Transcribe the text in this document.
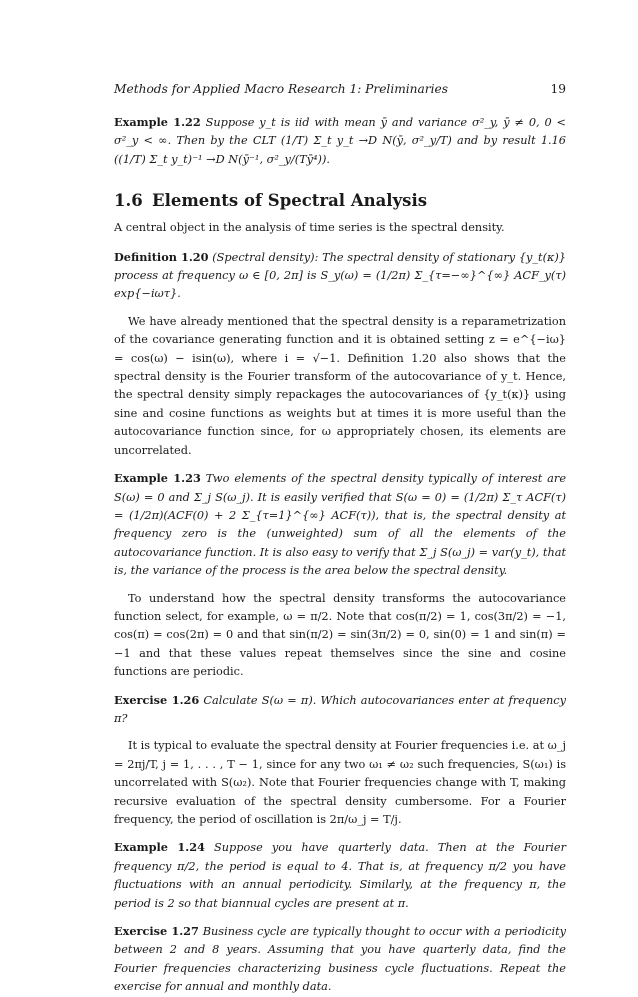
Methods for Applied Macro Research 1: Preliminaries	19

Example 1.22 Suppose y_t is iid with mean ȳ and variance σ²_y, ȳ ≠ 0, 0 < σ²_y < ∞. Then by the CLT (1/T) Σ_t y_t →D N(ȳ, σ²_y/T) and by result 1.16 ((1/T) Σ_t y_t)⁻¹ →D N(ȳ⁻¹, σ²_y/(Tȳ⁴)).

1.6 Elements of Spectral Analysis

A central object in the analysis of time series is the spectral density.

Definition 1.20 (Spectral density): The spectral density of stationary {y_t(κ)} process at frequency ω ∈ [0, 2π] is S_y(ω) = (1/2π) Σ_{τ=−∞}^{∞} ACF_y(τ) exp{−iωτ}.

We have already mentioned that the spectral density is a reparametrization of the covariance generating function and it is obtained setting z = e^{−iω} = cos(ω) − isin(ω), where i = √−1. Definition 1.20 also shows that the spectral density is the Fourier transform of the autocovariance of y_t. Hence, the spectral density simply repackages the autocovariances of {y_t(κ)} using sine and cosine functions as weights but at times it is more useful than the autocovariance function since, for ω appropriately chosen, its elements are uncorrelated.

Example 1.23 Two elements of the spectral density typically of interest are S(ω) = 0 and Σ_j S(ω_j). It is easily verified that S(ω = 0) = (1/2π) Σ_τ ACF(τ) = (1/2π)(ACF(0) + 2 Σ_{τ=1}^{∞} ACF(τ)), that is, the spectral density at frequency zero is the (unweighted) sum of all the elements of the autocovariance function. It is also easy to verify that Σ_j S(ω_j) = var(y_t), that is, the variance of the process is the area below the spectral density.

To understand how the spectral density transforms the autocovariance function select, for example, ω = π/2. Note that cos(π/2) = 1, cos(3π/2) = −1, cos(π) = cos(2π) = 0 and that sin(π/2) = sin(3π/2) = 0, sin(0) = 1 and sin(π) = −1 and that these values repeat themselves since the sine and cosine functions are periodic.

Exercise 1.26 Calculate S(ω = π). Which autocovariances enter at frequency π?

It is typical to evaluate the spectral density at Fourier frequencies i.e. at ω_j = 2πj/T, j = 1, . . . , T − 1, since for any two ω₁ ≠ ω₂ such frequencies, S(ω₁) is uncorrelated with S(ω₂). Note that Fourier frequencies change with T, making recursive evaluation of the spectral density cumbersome. For a Fourier frequency, the period of oscillation is 2π/ω_j = T/j.

Example 1.24 Suppose you have quarterly data. Then at the Fourier frequency π/2, the period is equal to 4. That is, at frequency π/2 you have fluctuations with an annual periodicity. Similarly, at the frequency π, the period is 2 so that biannual cycles are present at π.

Exercise 1.27 Business cycle are typically thought to occur with a periodicity between 2 and 8 years. Assuming that you have quarterly data, find the Fourier frequencies characterizing business cycle fluctuations. Repeat the exercise for annual and monthly data.
